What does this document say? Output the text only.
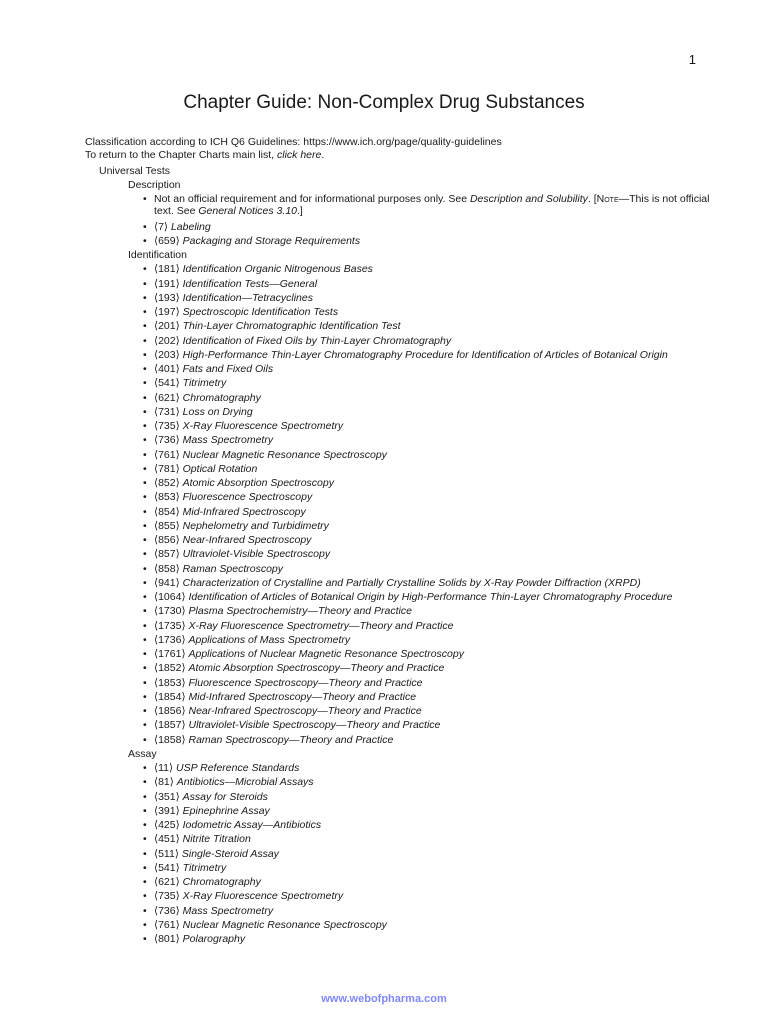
1
Chapter Guide: Non-Complex Drug Substances
Classification according to ICH Q6 Guidelines: https://www.ich.org/page/quality-guidelines
To return to the Chapter Charts main list, click here.
Universal Tests
Description
• Not an official requirement and for informational purposes only. See Description and Solubility. [Note—This is not official text. See General Notices 3.10.]
• ⟨7⟩ Labeling
• ⟨659⟩ Packaging and Storage Requirements
Identification
• ⟨181⟩ Identification Organic Nitrogenous Bases
• ⟨191⟩ Identification Tests—General
• ⟨193⟩ Identification—Tetracyclines
• ⟨197⟩ Spectroscopic Identification Tests
• ⟨201⟩ Thin-Layer Chromatographic Identification Test
• ⟨202⟩ Identification of Fixed Oils by Thin-Layer Chromatography
• ⟨203⟩ High-Performance Thin-Layer Chromatography Procedure for Identification of Articles of Botanical Origin
• ⟨401⟩ Fats and Fixed Oils
• ⟨541⟩ Titrimetry
• ⟨621⟩ Chromatography
• ⟨731⟩ Loss on Drying
• ⟨735⟩ X-Ray Fluorescence Spectrometry
• ⟨736⟩ Mass Spectrometry
• ⟨761⟩ Nuclear Magnetic Resonance Spectroscopy
• ⟨781⟩ Optical Rotation
• ⟨852⟩ Atomic Absorption Spectroscopy
• ⟨853⟩ Fluorescence Spectroscopy
• ⟨854⟩ Mid-Infrared Spectroscopy
• ⟨855⟩ Nephelometry and Turbidimetry
• ⟨856⟩ Near-Infrared Spectroscopy
• ⟨857⟩ Ultraviolet-Visible Spectroscopy
• ⟨858⟩ Raman Spectroscopy
• ⟨941⟩ Characterization of Crystalline and Partially Crystalline Solids by X-Ray Powder Diffraction (XRPD)
• ⟨1064⟩ Identification of Articles of Botanical Origin by High-Performance Thin-Layer Chromatography Procedure
• ⟨1730⟩ Plasma Spectrochemistry—Theory and Practice
• ⟨1735⟩ X-Ray Fluorescence Spectrometry—Theory and Practice
• ⟨1736⟩ Applications of Mass Spectrometry
• ⟨1761⟩ Applications of Nuclear Magnetic Resonance Spectroscopy
• ⟨1852⟩ Atomic Absorption Spectroscopy—Theory and Practice
• ⟨1853⟩ Fluorescence Spectroscopy—Theory and Practice
• ⟨1854⟩ Mid-Infrared Spectroscopy—Theory and Practice
• ⟨1856⟩ Near-Infrared Spectroscopy—Theory and Practice
• ⟨1857⟩ Ultraviolet-Visible Spectroscopy—Theory and Practice
• ⟨1858⟩ Raman Spectroscopy—Theory and Practice
Assay
• ⟨11⟩ USP Reference Standards
• ⟨81⟩ Antibiotics—Microbial Assays
• ⟨351⟩ Assay for Steroids
• ⟨391⟩ Epinephrine Assay
• ⟨425⟩ Iodometric Assay—Antibiotics
• ⟨451⟩ Nitrite Titration
• ⟨511⟩ Single-Steroid Assay
• ⟨541⟩ Titrimetry
• ⟨621⟩ Chromatography
• ⟨735⟩ X-Ray Fluorescence Spectrometry
• ⟨736⟩ Mass Spectrometry
• ⟨761⟩ Nuclear Magnetic Resonance Spectroscopy
• ⟨801⟩ Polarography
www.webofpharma.com
